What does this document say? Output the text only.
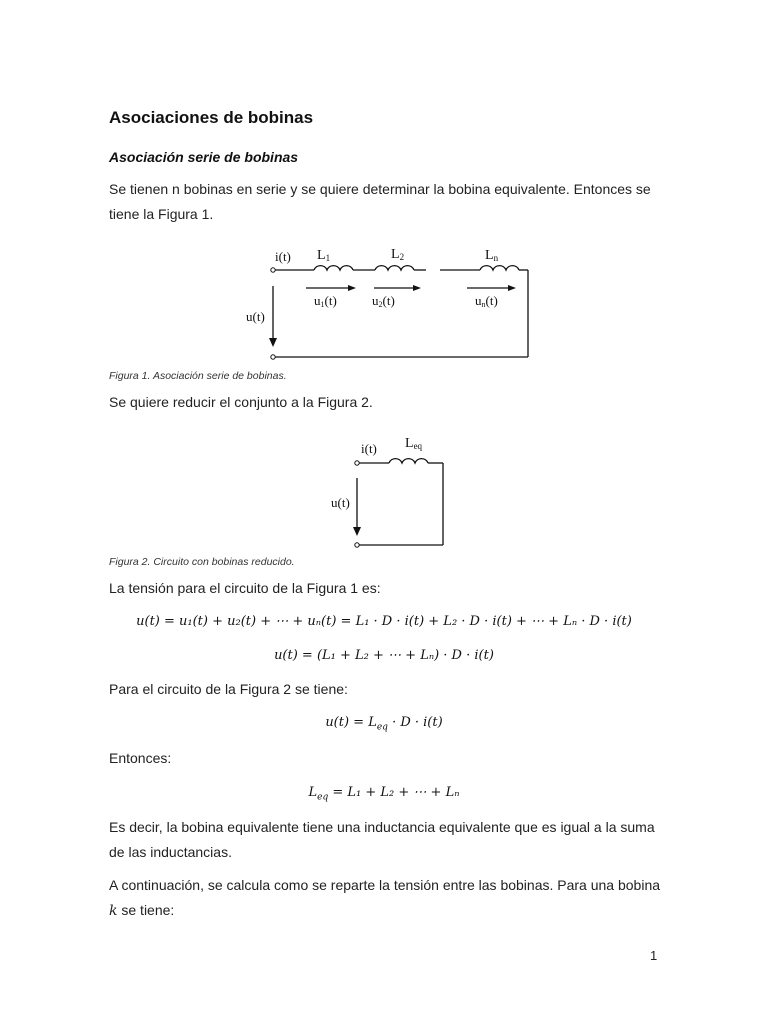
Asociaciones de bobinas
Asociación serie de bobinas
Se tienen n bobinas en serie y se quiere determinar la bobina equivalente. Entonces se
tiene la Figura 1.
i(t) L1	L2	Ln
u1(t)	u2(t)	un(t)
u(t)
Figura 1. Asociación serie de bobinas.
Se quiere reducir el conjunto a la Figura 2.
i(t) Leq
u(t)
Figura 2. Circuito con bobinas reducido.
La tensión para el circuito de la Figura 1 es:
u(t) = u₁(t) + u₂(t) + ⋯ + uₙ(t) = L₁ · D · i(t) + L₂ · D · i(t) + ⋯ + Lₙ · D · i(t)
u(t) = (L₁ + L₂ + ⋯ + Lₙ) · D · i(t)
Para el circuito de la Figura 2 se tiene:
$u(t) = L_{eq} \cdot D \cdot i(t)$
Entonces:
$L_{eq} = L_1 + L_2$ + ⋯ + Lₙ
Es decir, la bobina equivalente tiene una inductancia equivalente que es igual a la suma
de las inductancias.
A continuación, se calcula como se reparte la tensión entre las bobinas. Para una bobina
k se tiene:
1
